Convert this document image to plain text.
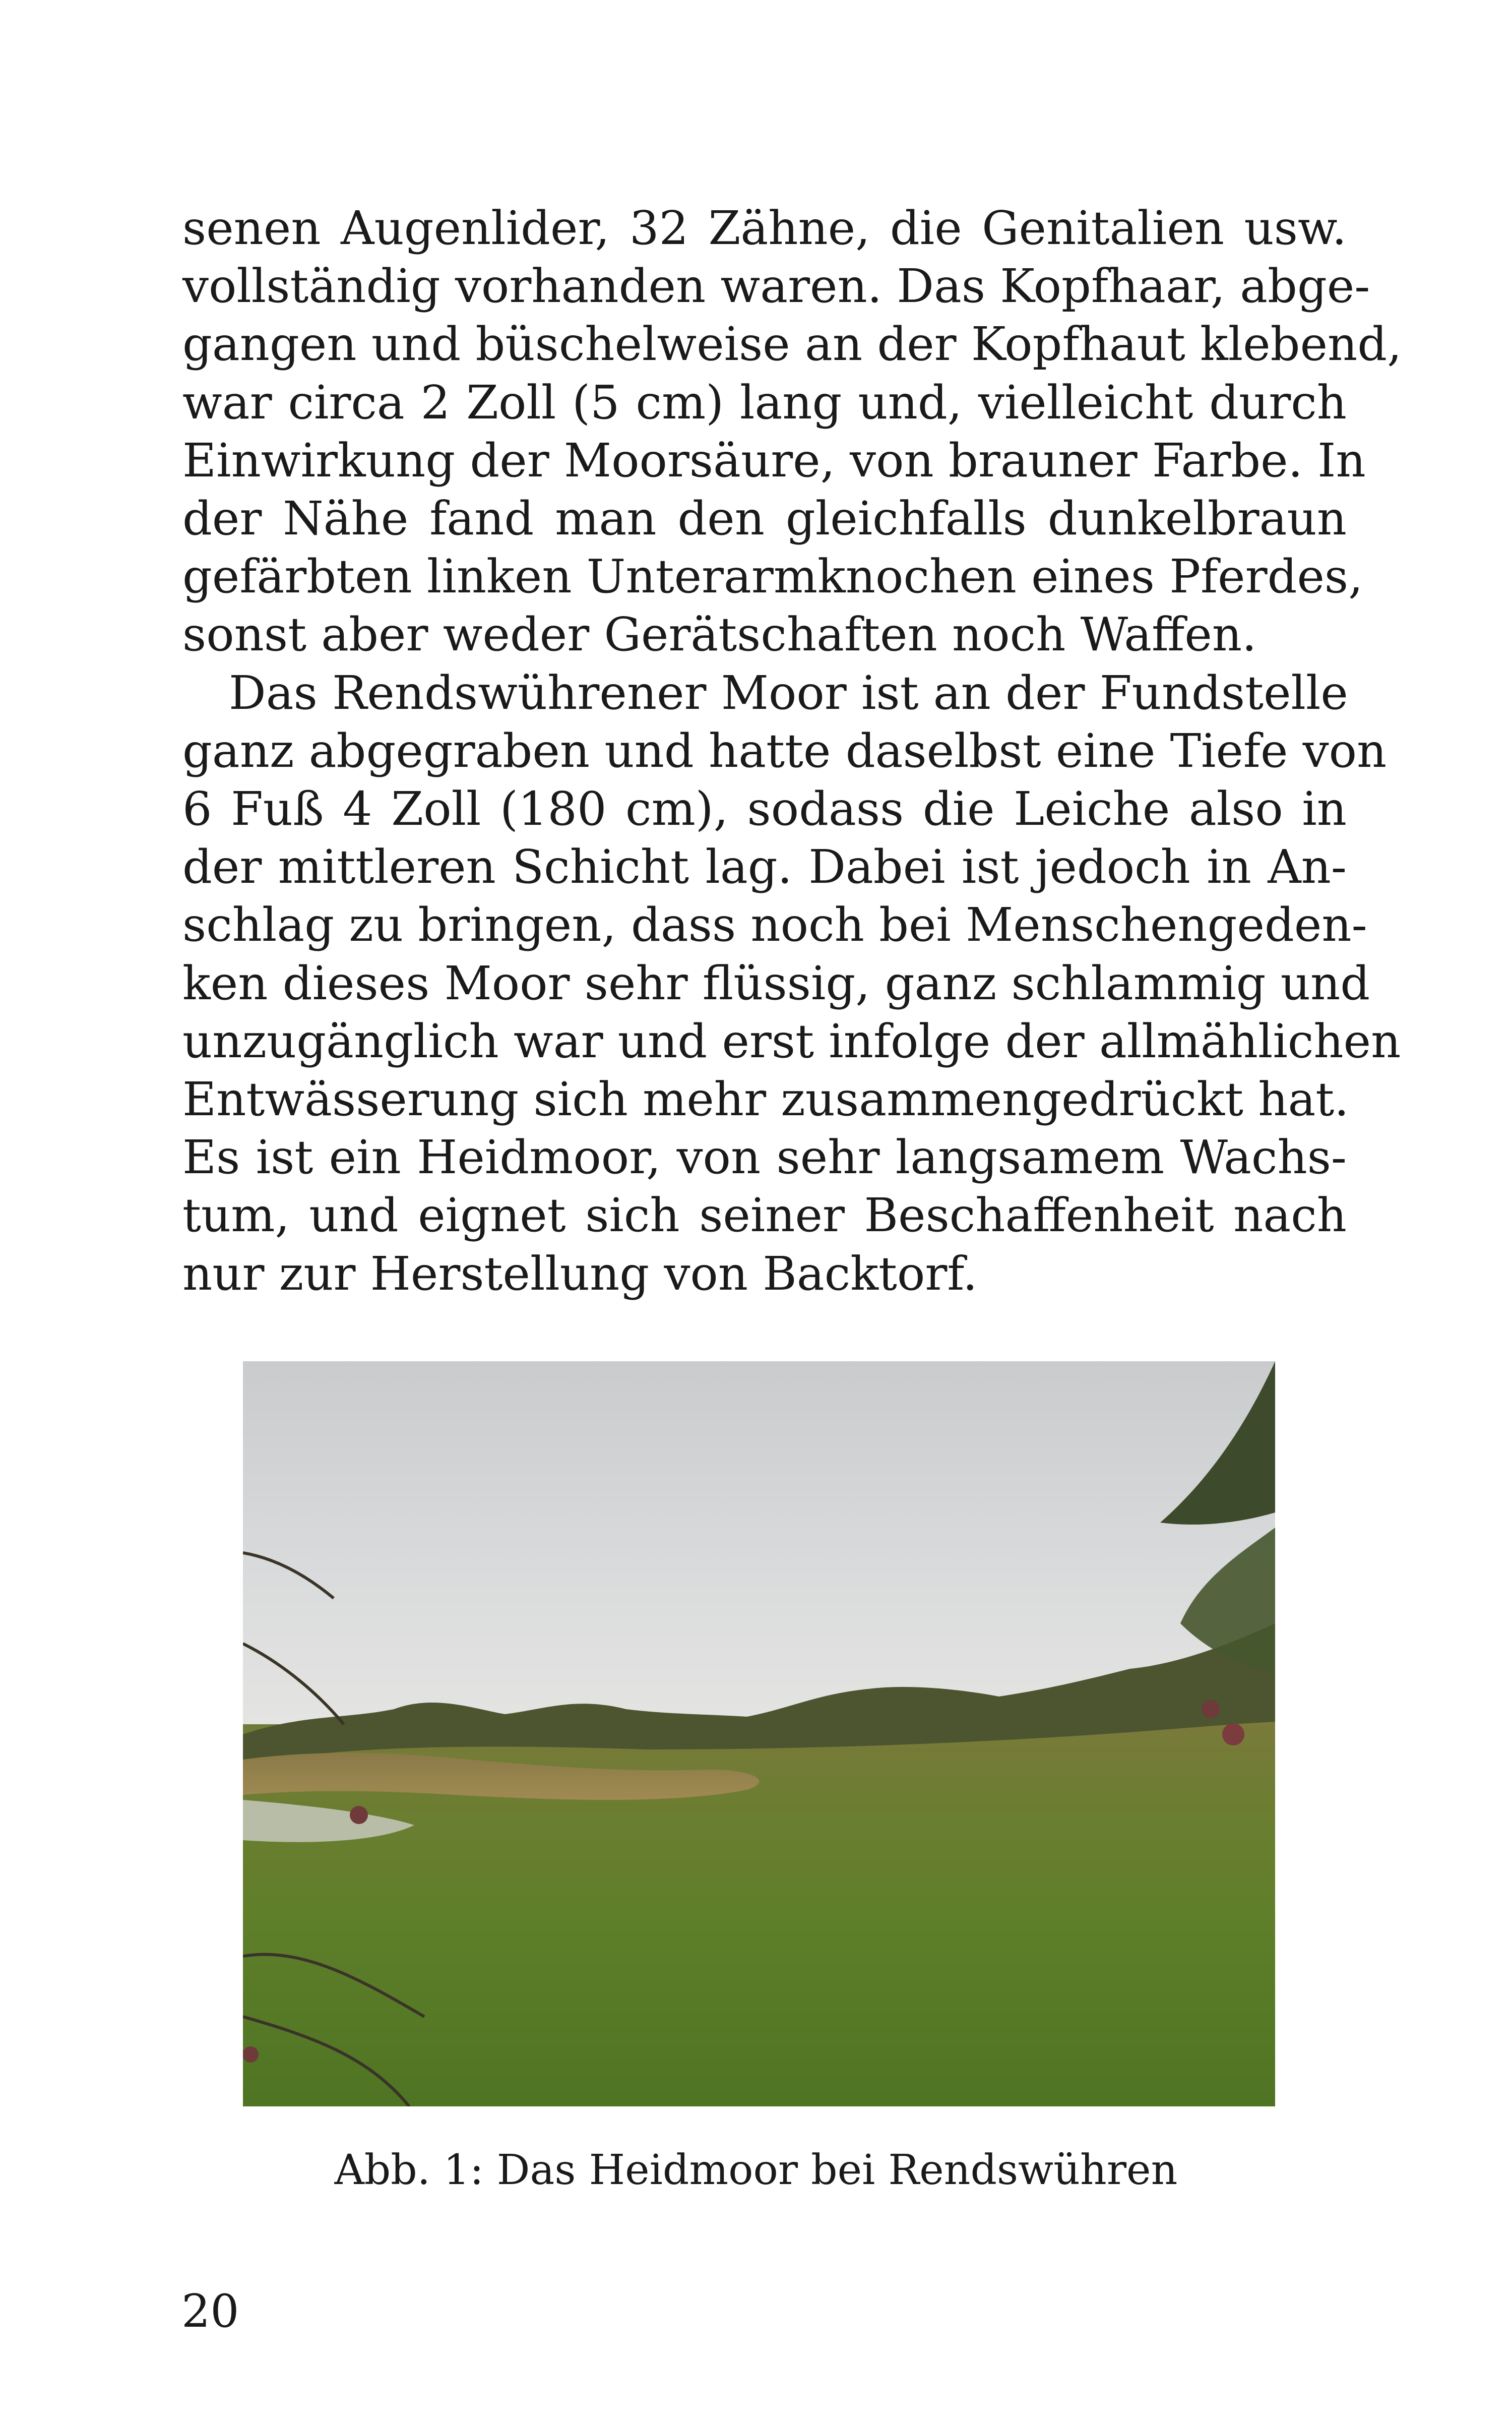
senen Augenlider, 32 Zähne, die Genitalien usw.
vollständig vorhanden waren. Das Kopfhaar, abge-
gangen und büschelweise an der Kopfhaut klebend,
war circa 2 Zoll (5 cm) lang und, vielleicht durch
Einwirkung der Moorsäure, von brauner Farbe. In
der Nähe fand man den gleichfalls dunkelbraun
gefärbten linken Unterarmknochen eines Pferdes,
sonst aber weder Gerätschaften noch Waffen.
Das Rendswührener Moor ist an der Fundstelle
ganz abgegraben und hatte daselbst eine Tiefe von
6 Fuß 4 Zoll (180 cm), sodass die Leiche also in
der mittleren Schicht lag. Dabei ist jedoch in An-
schlag zu bringen, dass noch bei Menschengeden-
ken dieses Moor sehr flüssig, ganz schlammig und
unzugänglich war und erst infolge der allmählichen
Entwässerung sich mehr zusammengedrückt hat.
Es ist ein Heidmoor, von sehr langsamem Wachs-
tum, und eignet sich seiner Beschaffenheit nach
nur zur Herstellung von Backtorf.
Abb. 1: Das Heidmoor bei Rendswühren
20
